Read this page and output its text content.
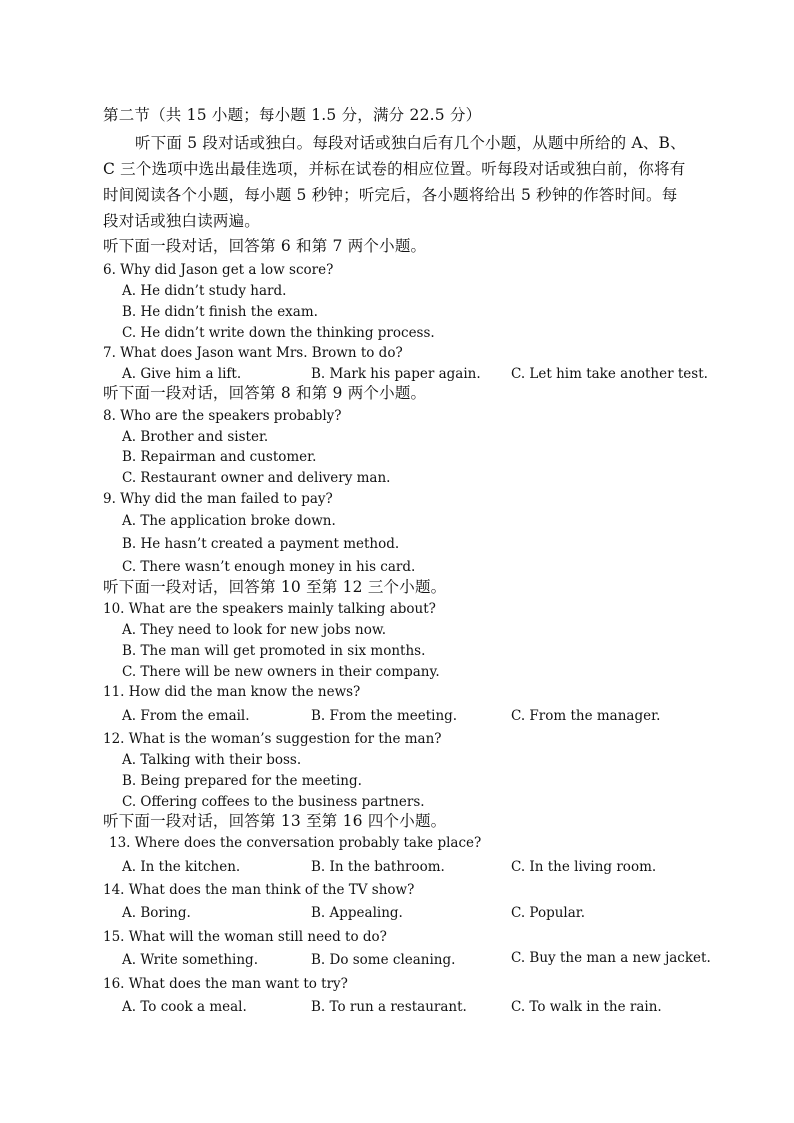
第二节（共 15 小题；每小题 1.5 分，满分 22.5 分）
听下面 5 段对话或独白。每段对话或独白后有几个小题，从题中所给的 A、B、
C 三个选项中选出最佳选项，并标在试卷的相应位置。听每段对话或独白前，你将有
时间阅读各个小题，每小题 5 秒钟；听完后，各小题将给出 5 秒钟的作答时间。每
段对话或独白读两遍。
听下面一段对话，回答第 6 和第 7 两个小题。
6. Why did Jason get a low score?
A. He didn’t study hard.
B. He didn’t finish the exam.
C. He didn’t write down the thinking process.
7. What does Jason want Mrs. Brown to do?
A. Give him a lift.	B. Mark his paper again. C. Let him take another test.
听下面一段对话，回答第 8 和第 9 两个小题。
8. Who are the speakers probably?
A. Brother and sister.
B. Repairman and customer.
C. Restaurant owner and delivery man.
9. Why did the man failed to pay?
A. The application broke down.
B. He hasn’t created a payment method.
C. There wasn’t enough money in his card.
听下面一段对话，回答第 10 至第 12 三个小题。
10. What are the speakers mainly talking about?
A. They need to look for new jobs now.
B. The man will get promoted in six months.
C. There will be new owners in their company.
11. How did the man know the news?
A. From the email.	B. From the meeting.	C. From the manager.
12. What is the woman’s suggestion for the man?
A. Talking with their boss.
B. Being prepared for the meeting.
C. Offering coffees to the business partners.
听下面一段对话，回答第 13 至第 16 四个小题。
13. Where does the conversation probably take place?
A. In the kitchen.	B. In the bathroom.	C. In the living room.
14. What does the man think of the TV show?
A. Boring.	B. Appealing.	C. Popular.
15. What will the woman still need to do?
A. Write something.	B. Do some cleaning.	C. Buy the man a new jacket.
16. What does the man want to try?
A. To cook a meal.	B. To run a restaurant.	C. To walk in the rain.
